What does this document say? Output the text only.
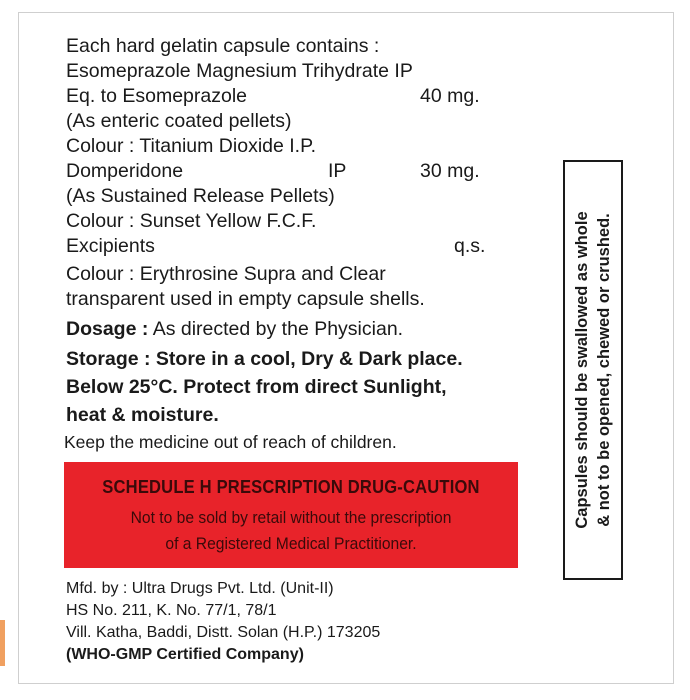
Each hard gelatin capsule contains :
Esomeprazole Magnesium Trihydrate IP
Eq. to Esomeprazole	40 mg.
(As enteric coated pellets)
Colour : Titanium Dioxide I.P.
Domperidone	IP	30 mg.
(As Sustained Release Pellets)
Colour : Sunset Yellow F.C.F.
Excipients	q.s.
Colour : Erythrosine Supra and Clear
transparent used in empty capsule shells.
Dosage : As directed by the Physician.
Storage : Store in a cool, Dry & Dark place.
Below 25°C. Protect from direct Sunlight,
heat & moisture.
Keep the medicine out of reach of children.
SCHEDULE H PRESCRIPTION DRUG-CAUTION
Not to be sold by retail without the prescription
of a Registered Medical Practitioner.
Capsules should be swallowed as whole & not to be opened, chewed or crushed.
Mfd. by : Ultra Drugs Pvt. Ltd. (Unit-II)
HS No. 211, K. No. 77/1, 78/1
Vill. Katha, Baddi, Distt. Solan (H.P.) 173205
(WHO-GMP Certified Company)
